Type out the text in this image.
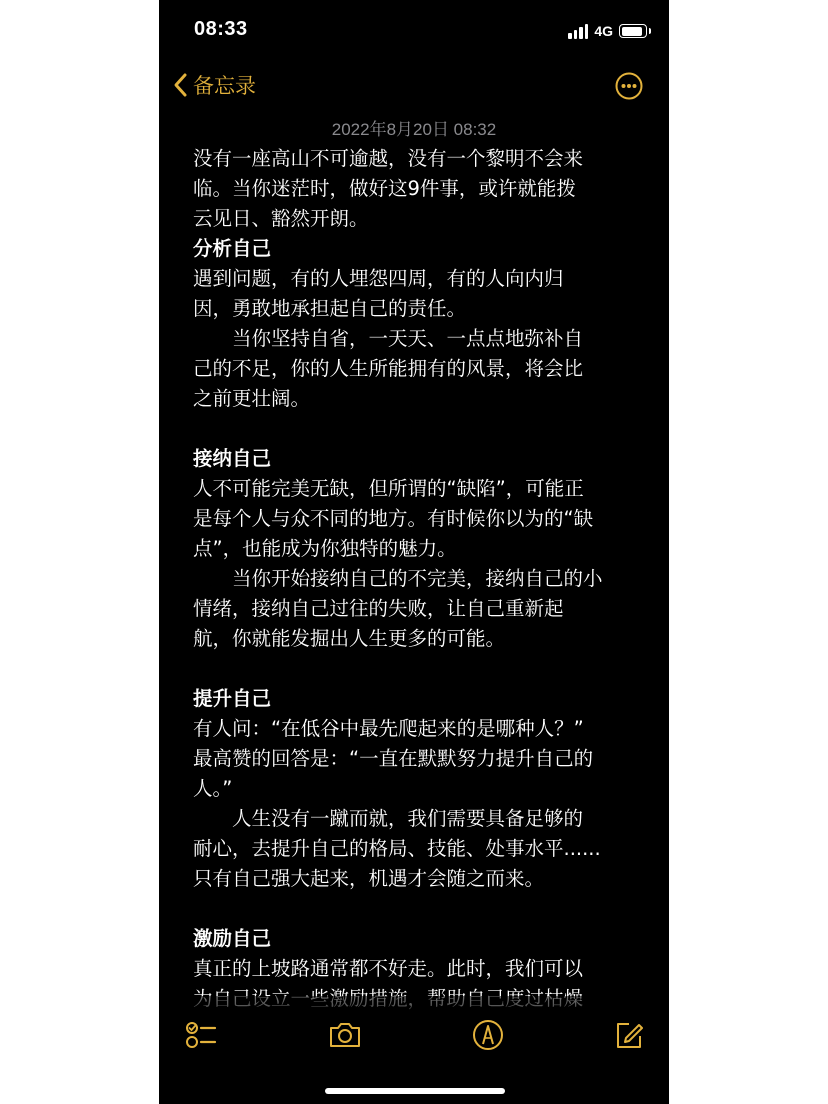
08:33	4G
备忘录
2022年8月20日 08:32

没有一座高山不可逾越，没有一个黎明不会来

临。当你迷茫时，做好这9件事，或许就能拨

云见日、豁然开朗。

分析自己

遇到问题，有的人埋怨四周，有的人向内归

因，勇敢地承担起自己的责任。

　　当你坚持自省，一天天、一点点地弥补自

己的不足，你的人生所能拥有的风景，将会比

之前更壮阔。

接纳自己

人不可能完美无缺，但所谓的“缺陷”，可能正

是每个人与众不同的地方。有时候你以为的“缺

点”，也能成为你独特的魅力。

　　当你开始接纳自己的不完美，接纳自己的小

情绪，接纳自己过往的失败，让自己重新起

航，你就能发掘出人生更多的可能。

提升自己

有人问：“在低谷中最先爬起来的是哪种人？”

最高赞的回答是：“一直在默默努力提升自己的

人。”

　　人生没有一蹴而就，我们需要具备足够的

耐心，去提升自己的格局、技能、处事水平......

只有自己强大起来，机遇才会随之而来。

激励自己

真正的上坡路通常都不好走。此时，我们可以
